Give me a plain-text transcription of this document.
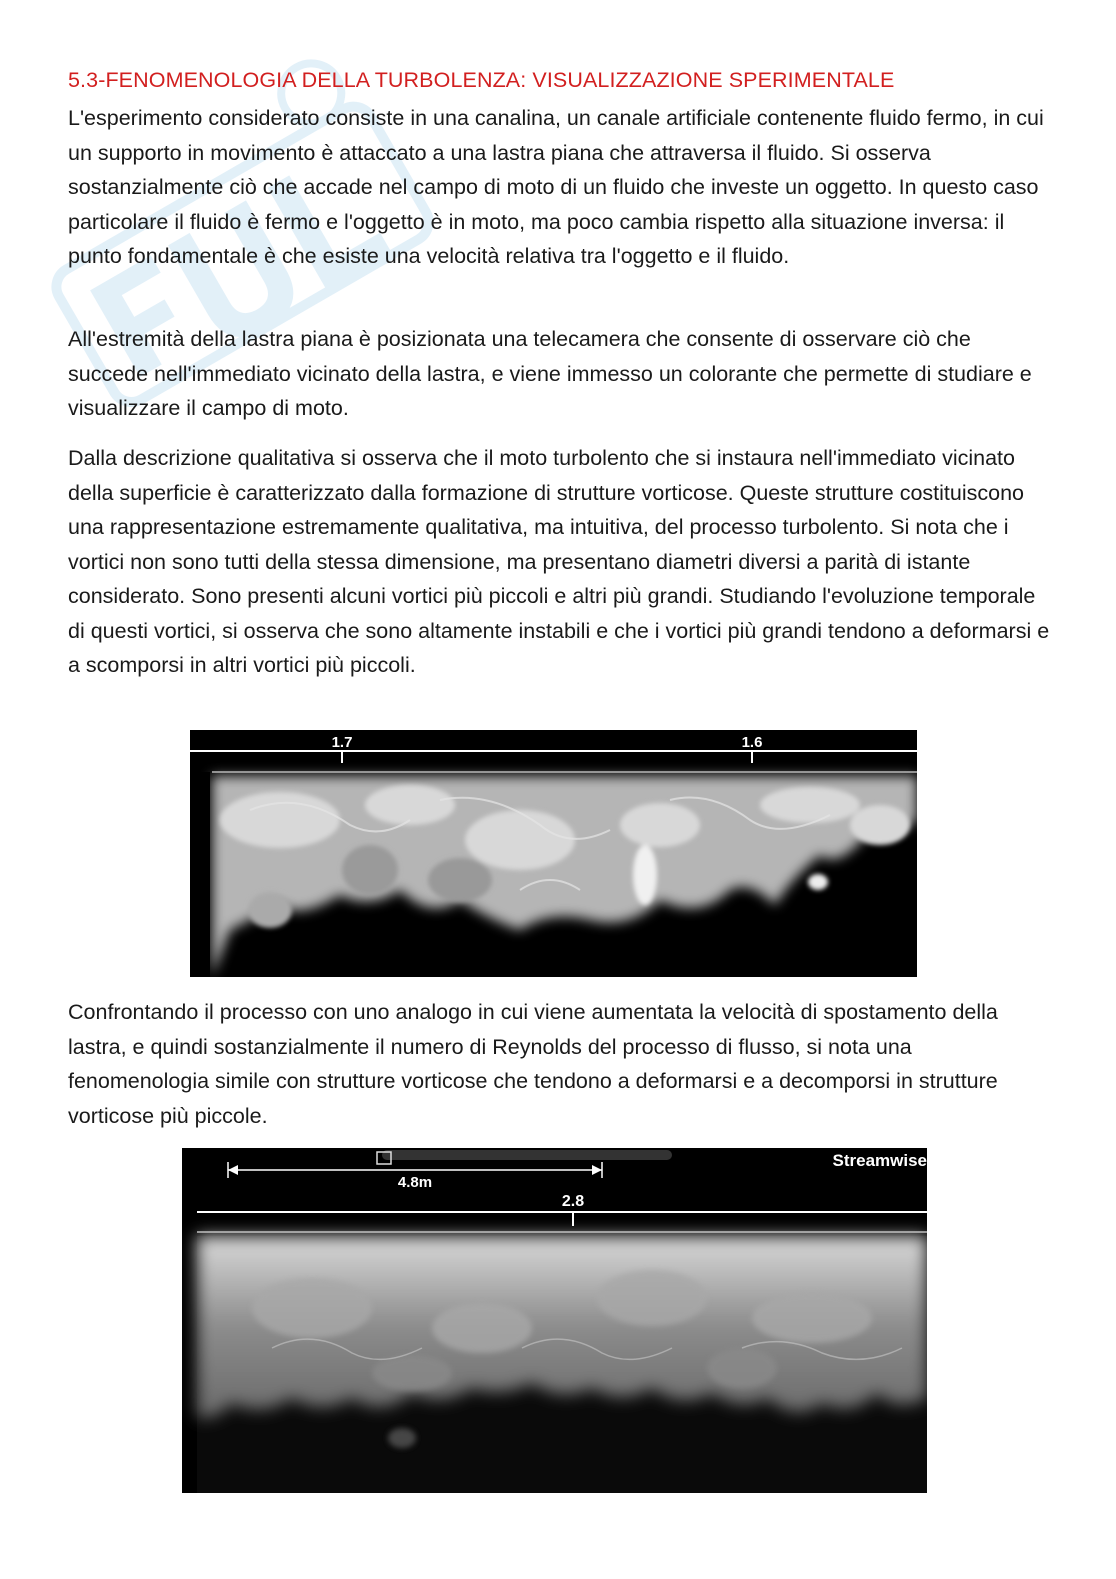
5.3-FENOMENOLOGIA DELLA TURBOLENZA: VISUALIZZAZIONE SPERIMENTALE

L'esperimento considerato consiste in una canalina, un canale artificiale contenente fluido fermo, in cui un supporto in movimento è attaccato a una lastra piana che attraversa il fluido. Si osserva sostanzialmente ciò che accade nel campo di moto di un fluido che investe un oggetto. In questo caso particolare il fluido è fermo e l'oggetto è in moto, ma poco cambia rispetto alla situazione inversa: il punto fondamentale è che esiste una velocità relativa tra l'oggetto e il fluido.

All'estremità della lastra piana è posizionata una telecamera che consente di osservare ciò che succede nell'immediato vicinato della lastra, e viene immesso un colorante che permette di studiare e visualizzare il campo di moto.

Dalla descrizione qualitativa si osserva che il moto turbolento che si instaura nell'immediato vicinato della superficie è caratterizzato dalla formazione di strutture vorticose. Queste strutture costituiscono una rappresentazione estremamente qualitativa, ma intuitiva, del processo turbolento. Si nota che i vortici non sono tutti della stessa dimensione, ma presentano diametri diversi a parità di istante considerato. Sono presenti alcuni vortici più piccoli e altri più grandi. Studiando l'evoluzione temporale di questi vortici, si osserva che sono altamente instabili e che i vortici più grandi tendono a deformarsi e a scomporsi in altri vortici più piccoli.

1.7	1.6

Confrontando il processo con uno analogo in cui viene aumentata la velocità di spostamento della lastra, e quindi sostanzialmente il numero di Reynolds del processo di flusso, si nota una fenomenologia simile con strutture vorticose che tendono a deformarsi e a decomporsi in strutture vorticose più piccole.

4.8m
2.8
Streamwise
